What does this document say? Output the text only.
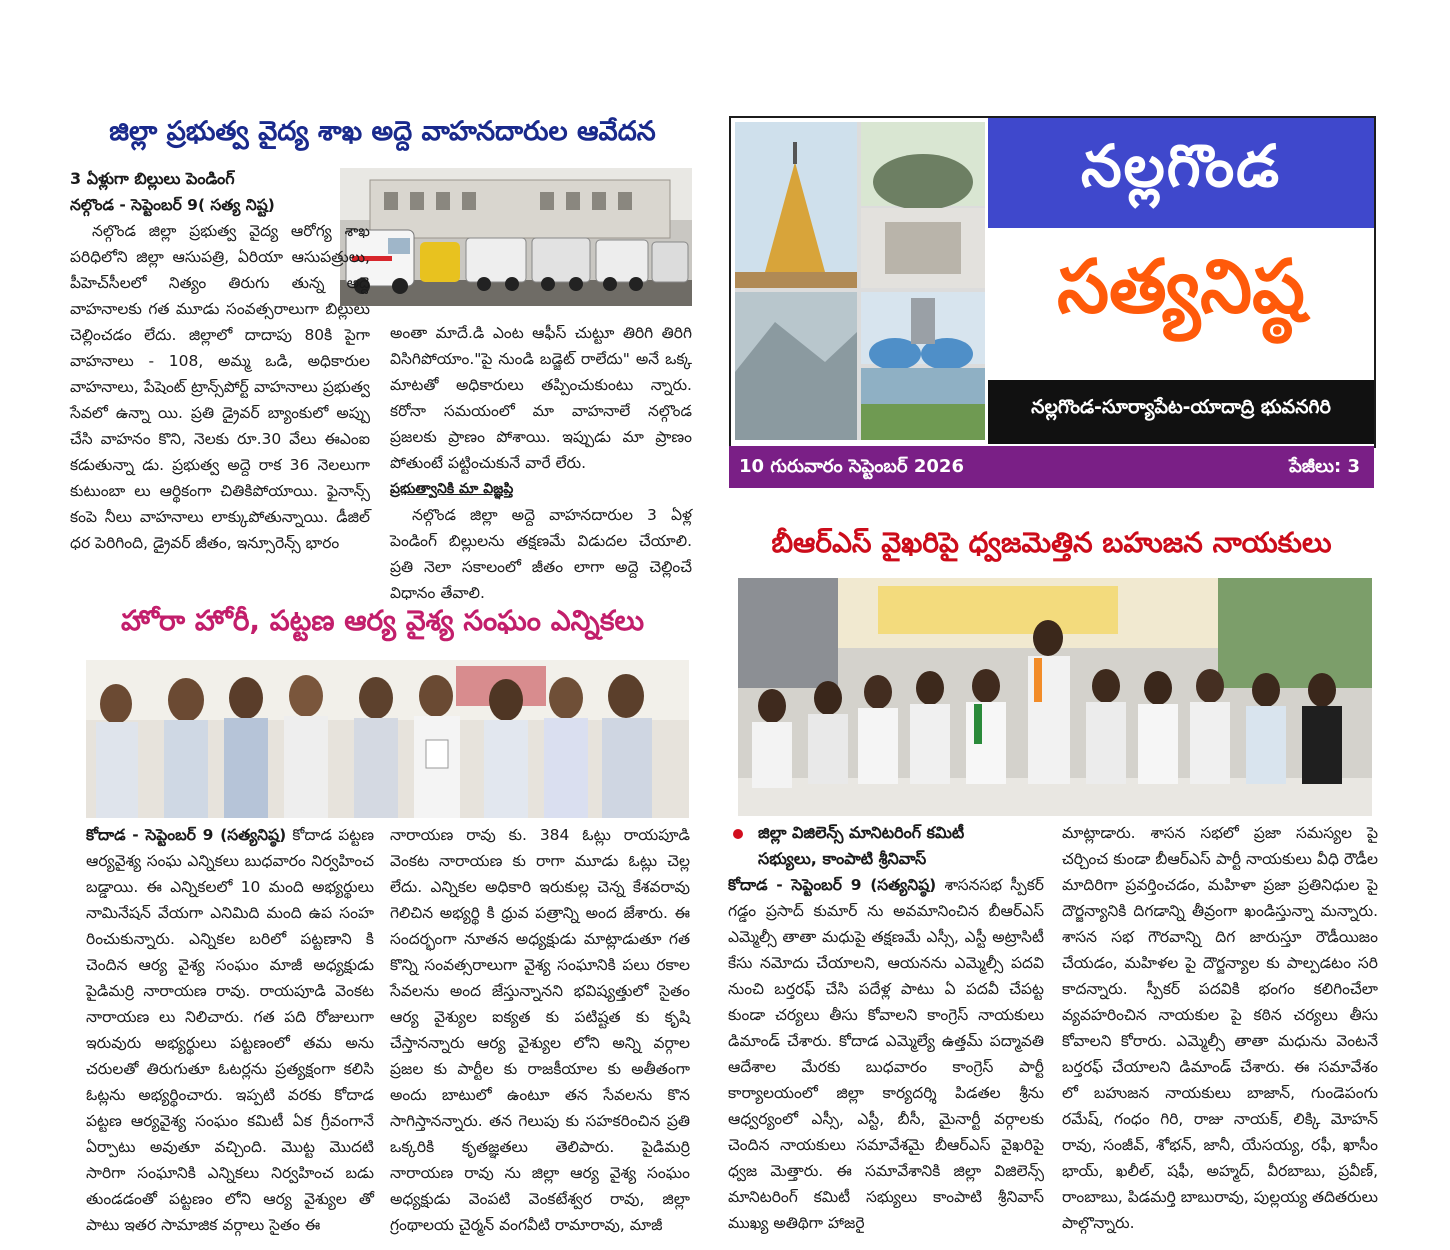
జిల్లా ప్రభుత్వ వైద్య శాఖ అద్దె వాహనదారుల ఆవేదన
3 ఏళ్లుగా బిల్లులు పెండింగ్
నల్గొండ - సెప్టెంబర్ 9( సత్య నిష్ట)

నల్గొండ జిల్లా ప్రభుత్వ వైద్య ఆరోగ్య శాఖ పరిధిలోని జిల్లా ఆసుపత్రి, ఏరియా ఆసుపత్రులు, పీహెచ్‌సీలలో నిత్యం తిరుగు తున్న అద్దె వాహనాలకు గత మూడు సంవత్సరాలుగా బిల్లులు చెల్లించడం లేదు. జిల్లాలో దాదాపు 80కి పైగా వాహనాలు - 108, అమ్మ ఒడి, అధికారుల వాహనాలు, పేషెంట్ ట్రాన్స్‌పోర్ట్ వాహనాలు ప్రభుత్వ సేవలో ఉన్నా యి. ప్రతి డ్రైవర్ బ్యాంకులో అప్పు చేసి వాహనం కొని, నెలకు రూ.30 వేలు ఈఎంఐ కడుతున్నా డు. ప్రభుత్వ అద్దె రాక 36 నెలలుగా కుటుంబా లు ఆర్థికంగా చితికిపోయాయి. ఫైనాన్స్ కంపె నీలు వాహనాలు లాక్కుపోతున్నాయి. డీజిల్ ధర పెరిగింది, డ్రైవర్ జీతం, ఇన్సూరెన్స్ భారం

అంతా మాదే.డి ఎంట ఆఫీస్ చుట్టూ తిరిగి తిరిగి విసిగిపోయాం."పై నుండి బడ్జెట్ రాలేదు" అనే ఒక్క మాటతో అధికారులు తప్పించుకుంటు న్నారు. కరోనా సమయంలో మా వాహనాలే నల్గొండ ప్రజలకు ప్రాణం పోశాయి. ఇప్పుడు మా ప్రాణం పోతుంటే పట్టించుకునే వారే లేరు.

ప్రభుత్వానికి మా విజ్ఞప్తి

నల్గొండ జిల్లా అద్దె వాహనదారుల 3 ఏళ్ల పెండింగ్ బిల్లులను తక్షణమే విడుదల చేయాలి. ప్రతి నెలా సకాలంలో జీతం లాగా అద్దె చెల్లించే విధానం తేవాలి.

హోరా హోరీ, పట్టణ ఆర్య వైశ్య సంఘం ఎన్నికలు

కోదాడ - సెప్టెంబర్ 9 (సత్యనిష్ఠ) కోదాడ పట్టణ ఆర్యవైశ్య సంఘ ఎన్నికలు బుధవారం నిర్వహించ బడ్డాయి. ఈ ఎన్నికలలో 10 మంది అభ్యర్థులు నామినేషన్ వేయగా ఎనిమిది మంది ఉప సంహ రించుకున్నారు. ఎన్నికల బరిలో పట్టణాని కి చెందిన ఆర్య వైశ్య సంఘం మాజీ అధ్యక్షుడు పైడిమర్రి నారాయణ రావు. రాయపూడి వెంకట నారాయణ లు నిలిచారు. గత పది రోజులుగా ఇరువురు అభ్యర్థులు పట్టణంలో తమ అను చరులతో తిరుగుతూ ఓటర్లను ప్రత్యక్షంగా కలిసి ఓట్లను అభ్యర్థించారు. ఇప్పటి వరకు కోదాడ పట్టణ ఆర్యవైశ్య సంఘం కమిటీ ఏక గ్రీవంగానే ఏర్పాటు అవుతూ వచ్చింది. మొట్ట మొదటి సారిగా సంఘానికి ఎన్నికలు నిర్వహించ బడు తుండడంతో పట్టణం లోని ఆర్య వైశ్యుల తో పాటు ఇతర సామాజిక వర్గాలు సైతం ఈ

నారాయణ రావు కు. 384 ఓట్లు రాయపూడి వెంకట నారాయణ కు రాగా మూడు ఓట్లు చెల్ల లేదు. ఎన్నికల అధికారి ఇరుకుల్ల చెన్న కేశవరావు గెలిచిన అభ్యర్థి కి ధ్రువ పత్రాన్ని అంద జేశారు. ఈ సందర్భంగా నూతన అధ్యక్షుడు మాట్లాడుతూ గత కొన్ని సంవత్సరాలుగా వైశ్య సంఘానికి పలు రకాల సేవలను అంద జేస్తున్నానని భవిష్యత్తులో సైతం ఆర్య వైశ్యుల ఐక్యత కు పటిష్టత కు కృషి చేస్తానన్నారు ఆర్య వైశ్యుల లోని అన్ని వర్గాల ప్రజల కు పార్టీల కు రాజకీయాల కు అతీతంగా అందు బాటులో ఉంటూ తన సేవలను కొన సాగిస్తానన్నారు. తన గెలుపు కు సహకరించిన ప్రతి ఒక్కరికి కృతజ్ఞతలు తెలిపారు. పైడిమర్రి నారాయణ రావు ను జిల్లా ఆర్య వైశ్య సంఘం అధ్యక్షుడు వెంపటి వెంకటేశ్వర రావు, జిల్లా గ్రంథాలయ చైర్మన్ వంగవీటి రామారావు, మాజీ

నల్లగొండ
సత్యనిష్ఠ
నల్లగొండ-సూర్యాపేట-యాదాద్రి భువనగిరి
10 గురువారం సెప్టెంబర్ 2026	పేజీలు: 3
బీఆర్ఎస్ వైఖరిపై ధ్వజమెత్తిన బహుజన నాయకులు
జిల్లా విజిలెన్స్ మానిటరింగ్ కమిటీ
సభ్యులు, కాంపాటి శ్రీనివాస్

కోదాడ - సెప్టెంబర్ 9 (సత్యనిష్ఠ) శాసనసభ స్పీకర్ గడ్డం ప్రసాద్ కుమార్ ను అవమానించిన బీఆర్ఎస్ ఎమ్మెల్సీ తాతా మధుపై తక్షణమే ఎస్సీ, ఎస్టీ అట్రాసిటీ కేసు నమోదు చేయాలని, ఆయనను ఎమ్మెల్సీ పదవి నుంచి బర్తరఫ్ చేసి పదేళ్ల పాటు ఏ పదవీ చేపట్ట కుండా చర్యలు తీసు కోవాలని కాంగ్రెస్ నాయకులు డిమాండ్ చేశారు. కోదాడ ఎమ్మెల్యే ఉత్తమ్ పద్మావతి ఆదేశాల మేరకు బుధవారం కాంగ్రెస్ పార్టీ కార్యాలయంలో జిల్లా కార్యదర్శి పిడతల శ్రీను ఆధ్వర్యంలో ఎస్సీ, ఎస్టీ, బీసీ, మైనార్టీ వర్గాలకు చెందిన నాయకులు సమావేశమై బీఆర్ఎస్ వైఖరిపై ధ్వజ మెత్తారు. ఈ సమావేశానికి జిల్లా విజిలెన్స్ మానిటరింగ్ కమిటీ సభ్యులు కాంపాటి శ్రీనివాస్ ముఖ్య అతిథిగా హాజరై

మాట్లాడారు. శాసన సభలో ప్రజా సమస్యల పై చర్చించ కుండా బీఆర్ఎస్ పార్టీ నాయకులు వీధి రౌడీల మాదిరిగా ప్రవర్తించడం, మహిళా ప్రజా ప్రతినిధుల పై దౌర్జన్యానికి దిగడాన్ని తీవ్రంగా ఖండిస్తున్నా మన్నారు. శాసన సభ గౌరవాన్ని దిగ జారుస్తూ రౌడీయిజం చేయడం, మహిళల పై దౌర్జన్యాల కు పాల్పడటం సరి కాదన్నారు. స్పీకర్ పదవికి భంగం కలిగించేలా వ్యవహరించిన నాయకుల పై కఠిన చర్యలు తీసు కోవాలని కోరారు. ఎమ్మెల్సీ తాతా మధును వెంటనే బర్తరఫ్ చేయాలని డిమాండ్ చేశారు. ఈ సమావేశం లో బహుజన నాయకులు బాజాన్, గుండెపంగు రమేష్, గంధం గిరి, రాజు నాయక్, లిక్కి మోహన్ రావు, సంజీవ్, శోభన్, జానీ, యేసయ్య, రఫీ, ఖాసీం భాయ్, ఖలీల్, షఫీ, అహ్మద్, వీరబాబు, ప్రవీణ్, రాంబాబు, పిడమర్తి బాబురావు, పుల్లయ్య తదితరులు పాల్గొన్నారు.
